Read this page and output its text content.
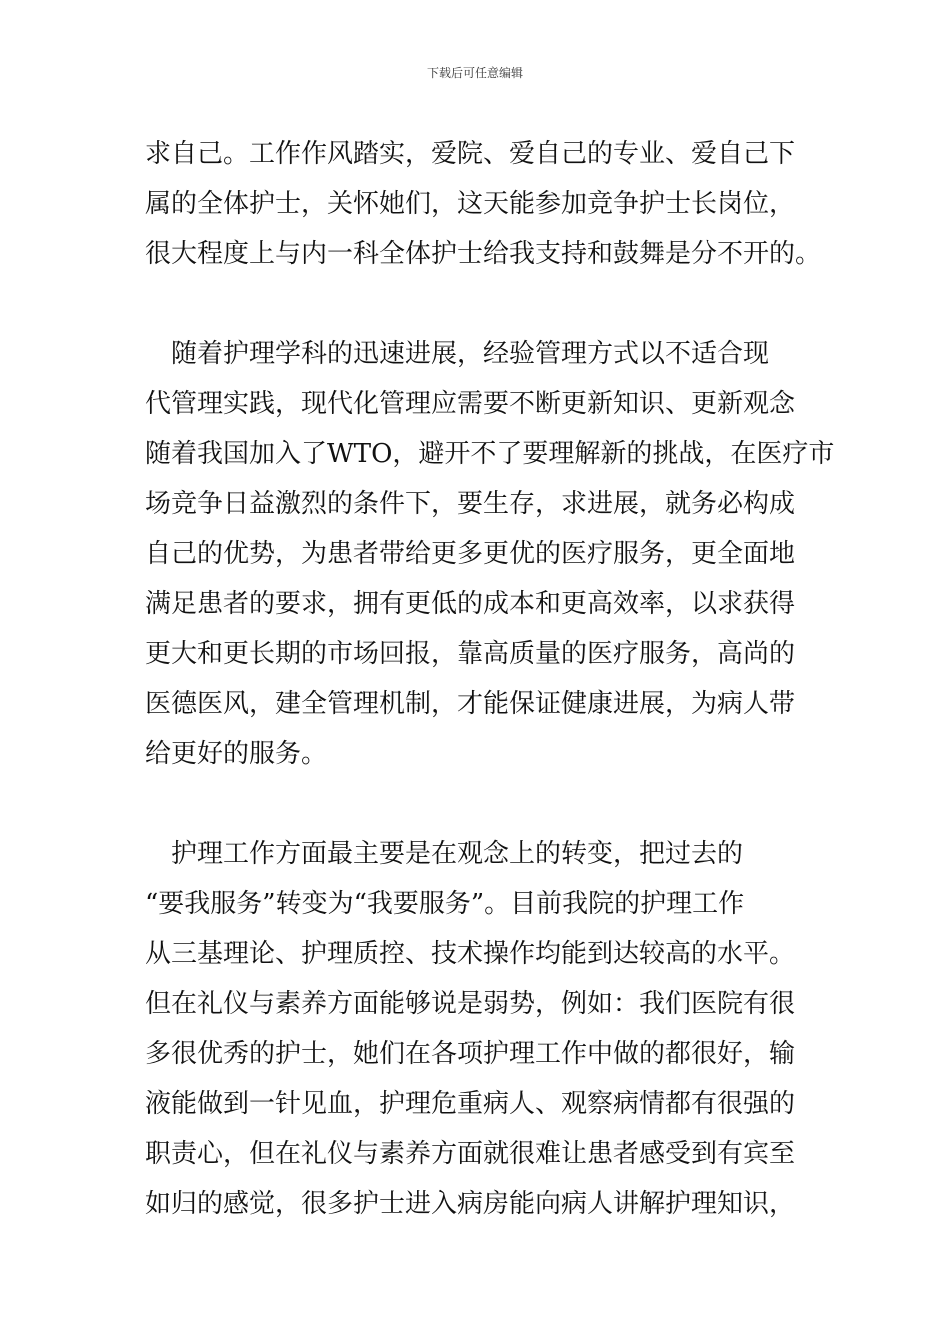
下载后可任意编辑
求自己。工作作风踏实，爱院、爱自己的专业、爱自己下
属的全体护士，关怀她们，这天能参加竞争护士长岗位，
很大程度上与内一科全体护士给我支持和鼓舞是分不开的。
　随着护理学科的迅速进展，经验管理方式以不适合现
代管理实践，现代化管理应需要不断更新知识、更新观念
随着我国加入了WTO，避开不了要理解新的挑战，在医疗市
场竞争日益激烈的条件下，要生存，求进展，就务必构成
自己的优势，为患者带给更多更优的医疗服务，更全面地
满足患者的要求，拥有更低的成本和更高效率，以求获得
更大和更长期的市场回报，靠高质量的医疗服务，高尚的
医德医风，建全管理机制，才能保证健康进展，为病人带
给更好的服务。
　护理工作方面最主要是在观念上的转变，把过去的
“要我服务”转变为“我要服务”。目前我院的护理工作
从三基理论、护理质控、技术操作均能到达较高的水平。
但在礼仪与素养方面能够说是弱势，例如：我们医院有很
多很优秀的护士，她们在各项护理工作中做的都很好，输
液能做到一针见血，护理危重病人、观察病情都有很强的
职责心，但在礼仪与素养方面就很难让患者感受到有宾至
如归的感觉，很多护士进入病房能向病人讲解护理知识，
